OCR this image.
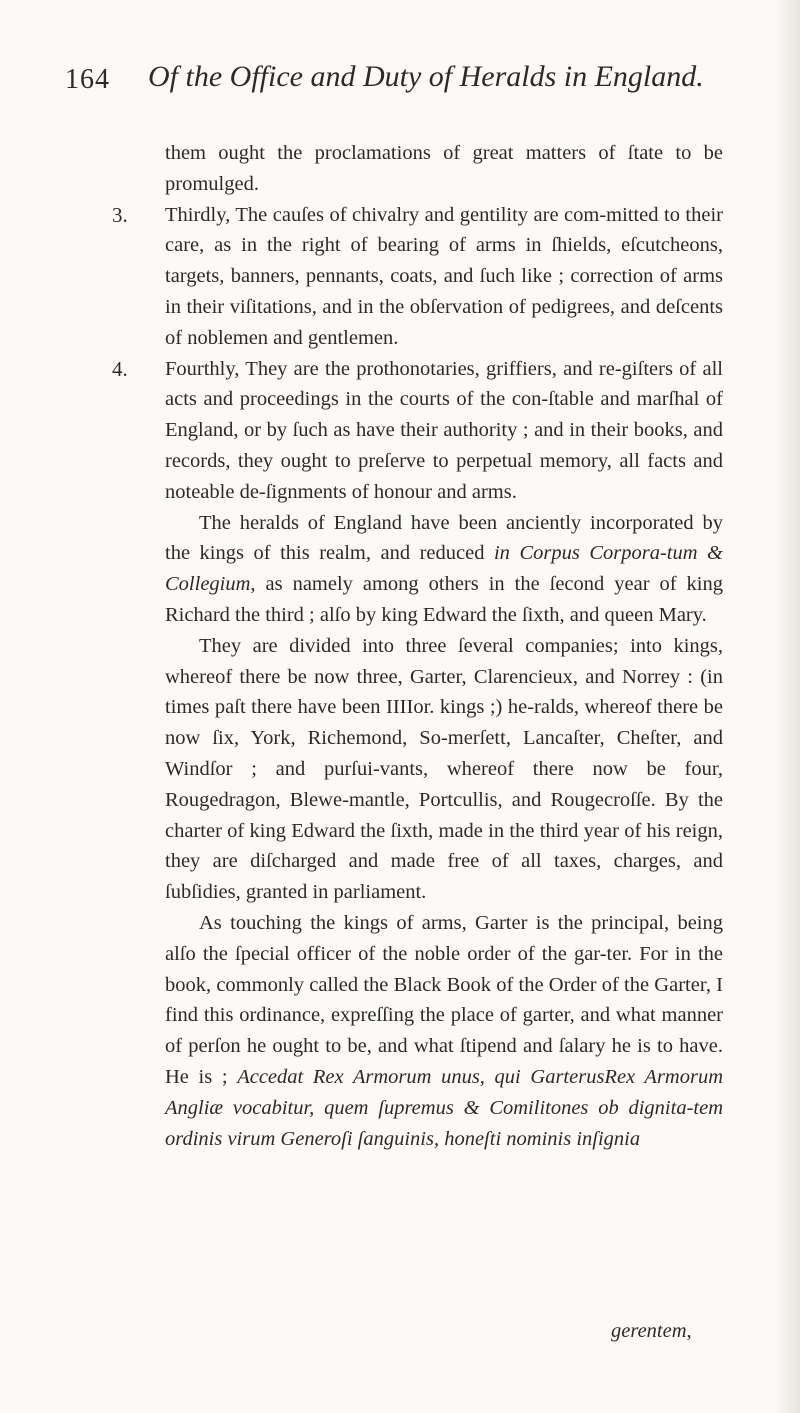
164 Of the Office and Duty of Heralds in England.

them ought the proclamations of great matters of ſtate to be promulged.

3. Thirdly, The cauſes of chivalry and gentility are com-mitted to their care, as in the right of bearing of arms in ſhields, eſcutcheons, targets, banners, pennants, coats, and ſuch like ; correction of arms in their viſitations, and in the obſervation of pedigrees, and deſcents of noblemen and gentlemen.
4. Fourthly, They are the prothonotaries, griffiers, and re-giſters of all acts and proceedings in the courts of the con-ſtable and marſhal of England, or by ſuch as have their authority ; and in their books, and records, they ought to preſerve to perpetual memory, all facts and noteable de-ſignments of honour and arms.

The heralds of England have been anciently incorporated by the kings of this realm, and reduced in Corpus Corpora-tum & Collegium, as namely among others in the ſecond year of king Richard the third ; alſo by king Edward the ſixth, and queen Mary.

They are divided into three ſeveral companies; into kings, whereof there be now three, Garter, Clarencieux, and Norrey : (in times paſt there have been IIIIor. kings ;) he-ralds, whereof there be now ſix, York, Richemond, So-merſett, Lancaſter, Cheſter, and Windſor ; and purſui-vants, whereof there now be four, Rougedragon, Blewe-mantle, Portcullis, and Rougecroſſe. By the charter of king Edward the ſixth, made in the third year of his reign, they are diſcharged and made free of all taxes, charges, and ſubſidies, granted in parliament.

As touching the kings of arms, Garter is the principal, being alſo the ſpecial officer of the noble order of the gar-ter. For in the book, commonly called the Black Book of the Order of the Garter, I find this ordinance, expreſſing the place of garter, and what manner of perſon he ought to be, and what ſtipend and ſalary he is to have. He is ; Accedat Rex Armorum unus, qui GarterusRex Armorum Angliæ vocabitur, quem ſupremus & Comilitones ob dignita-tem ordinis virum Generoſi ſanguinis, honeſti nominis inſignia

gerentem,
